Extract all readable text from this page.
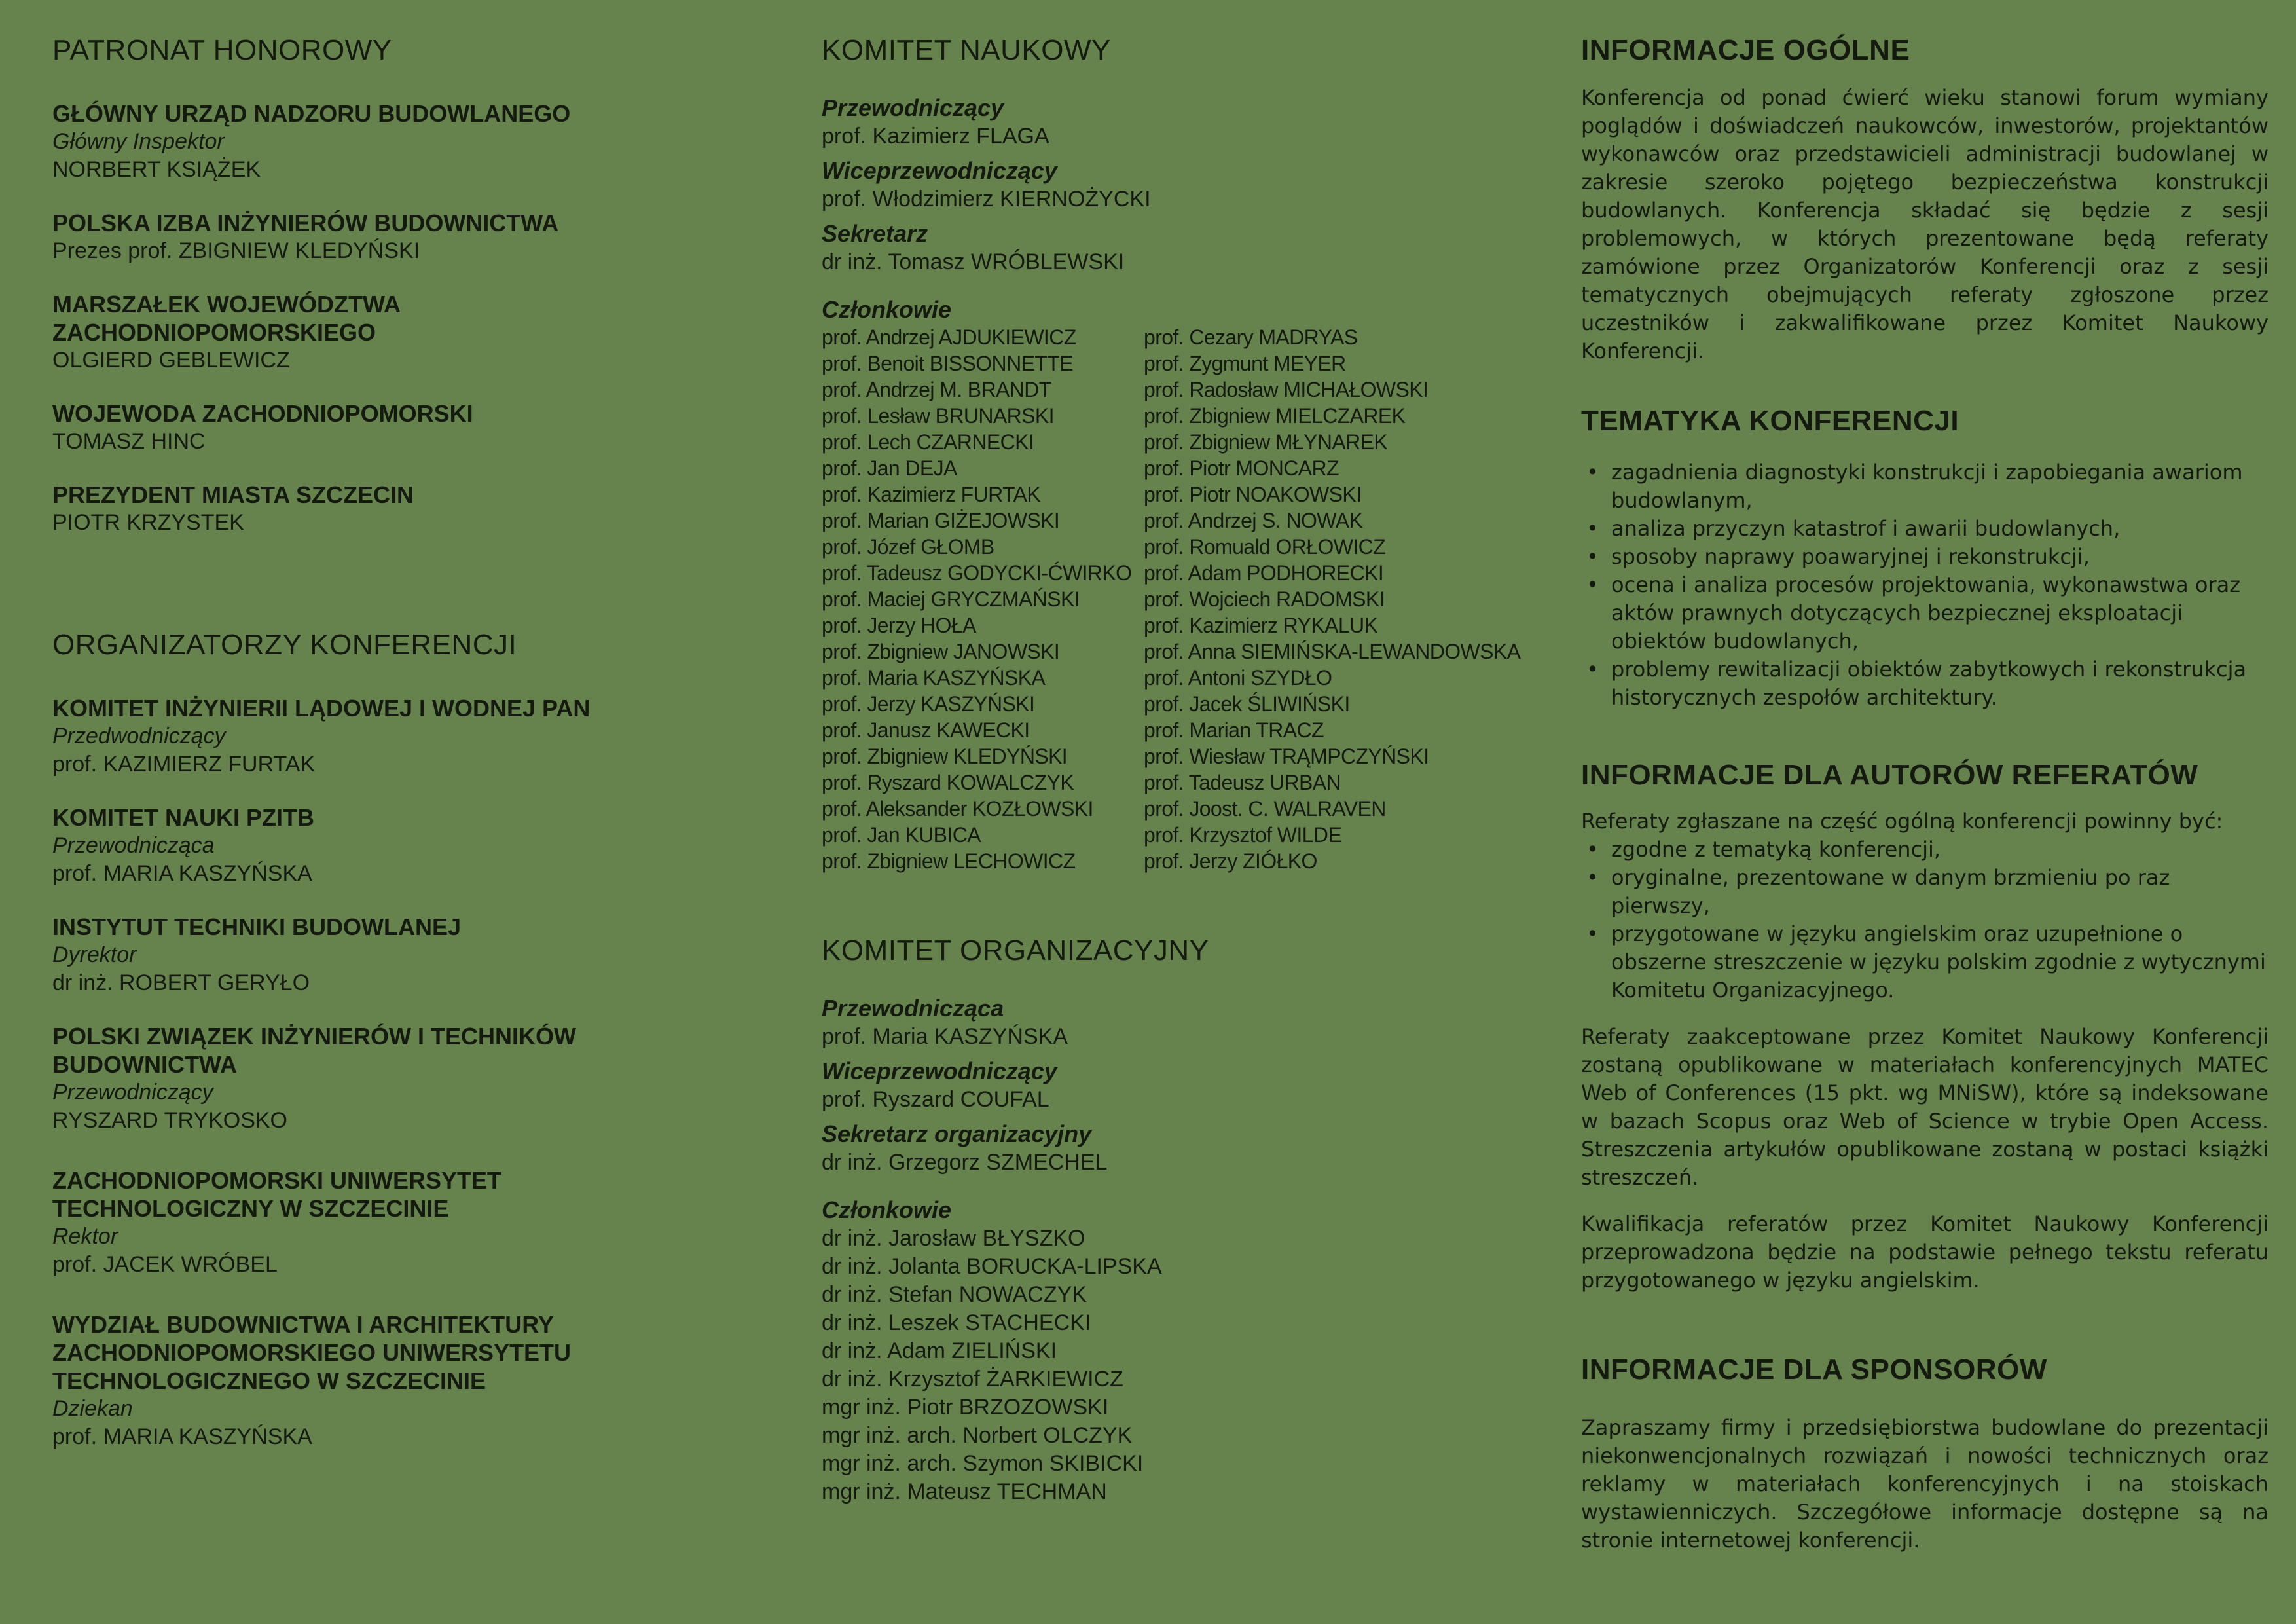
PATRONAT HONOROWY
GŁÓWNY URZĄD NADZORU BUDOWLANEGO
Główny Inspektor
NORBERT KSIĄŻEK
POLSKA IZBA INŻYNIERÓW BUDOWNICTWA
Prezes prof. ZBIGNIEW KLEDYŃSKI
MARSZAŁEK WOJEWÓDZTWA ZACHODNIOPOMORSKIEGO
OLGIERD GEBLEWICZ
WOJEWODA ZACHODNIOPOMORSKI
TOMASZ HINC
PREZYDENT MIASTA SZCZECIN
PIOTR KRZYSTEK
ORGANIZATORZY KONFERENCJI
KOMITET INŻYNIERII LĄDOWEJ I WODNEJ PAN
Przedwodniczący
prof. KAZIMIERZ FURTAK
KOMITET NAUKI PZITB
Przewodnicząca
prof. MARIA KASZYŃSKA
INSTYTUT TECHNIKI BUDOWLANEJ
Dyrektor
dr inż. ROBERT GERYŁO
POLSKI ZWIĄZEK INŻYNIERÓW I TECHNIKÓW BUDOWNICTWA
Przewodniczący
RYSZARD TRYKOSKO
ZACHODNIOPOMORSKI UNIWERSYTET TECHNOLOGICZNY W SZCZECINIE
Rektor
prof. JACEK WRÓBEL
WYDZIAŁ BUDOWNICTWA I ARCHITEKTURY ZACHODNIOPOMORSKIEGO UNIWERSYTETU TECHNOLOGICZNEGO W SZCZECINIE
Dziekan
prof. MARIA KASZYŃSKA
KOMITET NAUKOWY
Przewodniczący
prof. Kazimierz FLAGA
Wiceprzewodniczący
prof. Włodzimierz KIERNOŻYCKI
Sekretarz
dr inż. Tomasz WRÓBLEWSKI
Członkowie
prof. Andrzej AJDUKIEWICZ
prof. Benoit BISSONNETTE
prof. Andrzej M. BRANDT
prof. Lesław BRUNARSKI
prof. Lech CZARNECKI
prof. Jan DEJA
prof. Kazimierz FURTAK
prof. Marian GIŻEJOWSKI
prof. Józef GŁOMB
prof. Tadeusz GODYCKI-ĆWIRKO
prof. Maciej GRYCZMAŃSKI
prof. Jerzy HOŁA
prof. Zbigniew JANOWSKI
prof. Maria KASZYŃSKA
prof. Jerzy KASZYŃSKI
prof. Janusz KAWECKI
prof. Zbigniew KLEDYŃSKI
prof. Ryszard KOWALCZYK
prof. Aleksander KOZŁOWSKI
prof. Jan KUBICA
prof. Zbigniew LECHOWICZ
prof. Cezary MADRYAS
prof. Zygmunt MEYER
prof. Radosław MICHAŁOWSKI
prof. Zbigniew MIELCZAREK
prof. Zbigniew MŁYNAREK
prof. Piotr MONCARZ
prof. Piotr NOAKOWSKI
prof. Andrzej S. NOWAK
prof. Romuald ORŁOWICZ
prof. Adam PODHORECKI
prof. Wojciech RADOMSKI
prof. Kazimierz RYKALUK
prof. Anna SIEMIŃSKA-LEWANDOWSKA
prof. Antoni SZYDŁO
prof. Jacek ŚLIWIŃSKI
prof. Marian TRACZ
prof. Wiesław TRĄMPCZYŃSKI
prof. Tadeusz URBAN
prof. Joost. C. WALRAVEN
prof. Krzysztof WILDE
prof. Jerzy ZIÓŁKO
KOMITET ORGANIZACYJNY
Przewodnicząca
prof. Maria KASZYŃSKA
Wiceprzewodniczący
prof. Ryszard COUFAL
Sekretarz organizacyjny
dr inż. Grzegorz SZMECHEL
Członkowie
dr inż. Jarosław BŁYSZKO
dr inż. Jolanta BORUCKA-LIPSKA
dr inż. Stefan NOWACZYK
dr inż. Leszek STACHECKI
dr inż. Adam ZIELIŃSKI
dr inż. Krzysztof ŻARKIEWICZ
mgr inż. Piotr BRZOZOWSKI
mgr inż. arch. Norbert OLCZYK
mgr inż. arch. Szymon SKIBICKI
mgr inż. Mateusz TECHMAN
INFORMACJE OGÓLNE

Konferencja od ponad ćwierć wieku stanowi forum wymiany poglądów i doświadczeń naukowców, inwestorów, projektantów wykonawców oraz przedstawicieli administracji budowlanej w zakresie szeroko pojętego bezpieczeństwa konstrukcji budowlanych. Konferencja składać się będzie z sesji problemowych, w których prezentowane będą referaty zamówione przez Organizatorów Konferencji oraz z sesji tematycznych obejmujących referaty zgłoszone przez uczestników i zakwalifikowane przez Komitet Naukowy Konferencji.

TEMATYKA KONFERENCJI
• zagadnienia diagnostyki konstrukcji i zapobiegania awariom budowlanym,
• analiza przyczyn katastrof i awarii budowlanych,
• sposoby naprawy poawaryjnej i rekonstrukcji,
• ocena i analiza procesów projektowania, wykonawstwa oraz aktów prawnych dotyczących bezpiecznej eksploatacji obiektów budowlanych,
• problemy rewitalizacji obiektów zabytkowych i rekonstrukcja historycznych zespołów architektury.
INFORMACJE DLA AUTORÓW REFERATÓW
Referaty zgłaszane na część ogólną konferencji powinny być:
• zgodne z tematyką konferencji,
• oryginalne, prezentowane w danym brzmieniu po raz pierwszy,
• przygotowane w języku angielskim oraz uzupełnione o obszerne streszczenie w języku polskim zgodnie z wytycznymi Komitetu Organizacyjnego.

Referaty zaakceptowane przez Komitet Naukowy Konferencji zostaną opublikowane w materiałach konferencyjnych MATEC Web of Conferences (15 pkt. wg MNiSW), które są indeksowane w bazach Scopus oraz Web of Science w trybie Open Access. Streszczenia artykułów opublikowane zostaną w postaci książki streszczeń.

Kwalifikacja referatów przez Komitet Naukowy Konferencji przeprowadzona będzie na podstawie pełnego tekstu referatu przygotowanego w języku angielskim.

INFORMACJE DLA SPONSORÓW

Zapraszamy firmy i przedsiębiorstwa budowlane do prezentacji niekonwencjonalnych rozwiązań i nowości technicznych oraz reklamy w materiałach konferencyjnych i na stoiskach wystawienniczych. Szczegółowe informacje dostępne są na stronie internetowej konferencji.
